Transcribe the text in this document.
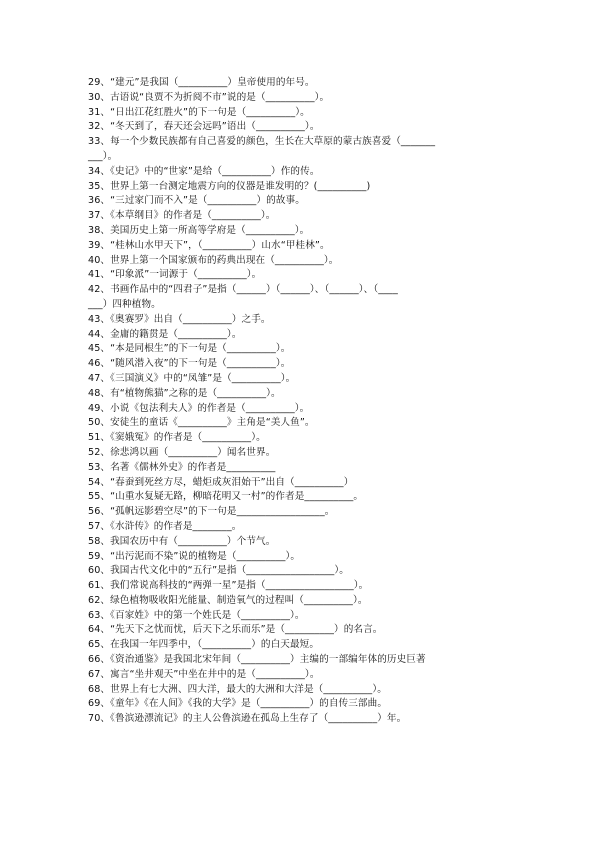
29、“建元”是我国（__________）皇帝使用的年号。

30、古语说“良贾不为折阅不市”说的是（__________）。

31、“日出江花红胜火”的下一句是（__________）。

32、“冬天到了，春天还会远吗”语出（__________）。

33、每一个少数民族都有自己喜爱的颜色，生长在大草原的蒙古族喜爱（_______

___）。

34、《史记》中的“世家”是给（__________）作的传。

35、世界上第一台测定地震方向的仪器是谁发明的？(__________)

36、“三过家门而不入”是（__________）的故事。

37、《本草纲目》的作者是（__________）。

38、美国历史上第一所高等学府是（__________）。

39、“桂林山水甲天下”，（__________）山水“甲桂林”。

40、世界上第一个国家颁布的药典出现在（__________）。

41、“印象派”一词源于（__________）。

42、书画作品中的“四君子”是指（______）（______）、（______）、（____

___）四种植物。

43、《奥赛罗》出自（__________）之手。

44、金庸的籍贯是（__________）。

45、“本是同根生”的下一句是（__________）。

46、“随风潜入夜”的下一句是（__________）。

47、《三国演义》中的“凤雏”是（__________）。

48、有“植物熊猫”之称的是（__________）。

49、小说《包法利夫人》的作者是（__________）。

50、安徒生的童话《__________》主角是“美人鱼”。

51、《窦娥冤》的作者是（__________）。

52、徐悲鸿以画（__________）闻名世界。

53、名著《儒林外史》的作者是__________

54、“春蚕到死丝方尽，蜡炬成灰泪始干”出自（__________）

55、“山重水复疑无路，柳暗花明又一村”的作者是__________。

56、“孤帆远影碧空尽”的下一句是__________________。

57、《水浒传》的作者是________。

58、我国农历中有（__________）个节气。

59、“出污泥而不染”说的植物是（__________）。

60、我国古代文化中的“五行”是指（__________________）。

61、我们常说高科技的“两弹一星”是指（__________________）。

62、绿色植物吸收阳光能量、制造氧气的过程叫（__________）。

63、《百家姓》中的第一个姓氏是（__________）。

64、“先天下之忧而忧，后天下之乐而乐”是（__________）的名言。

65、在我国一年四季中，（__________）的白天最短。

66、《资治通鉴》是我国北宋年间（__________）主编的一部编年体的历史巨著

67、寓言“坐井观天”中坐在井中的是（__________）。

68、世界上有七大洲、四大洋，最大的大洲和大洋是（__________）。

69、《童年》《在人间》《我的大学》是（__________）的自传三部曲。

70、《鲁滨逊漂流记》的主人公鲁滨逊在孤岛上生存了（__________）年。
